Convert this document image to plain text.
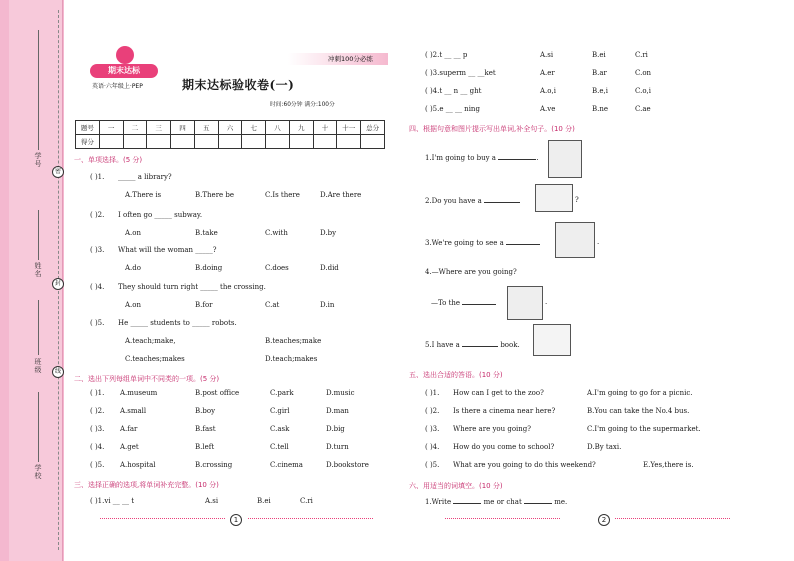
学号
姓名
班级
学校
密
封
线
期末达标
英语·六年级上·PEP
冲刺100分必练
期末达标验收卷(一)
时间:60分钟 满分:100分
题号	一	二	三	四	五	六	七	八	九	十	十一	总分
得分												
一、单项选择。(5 分)
( )1. _____ a library?
A.There is	B.There be	C.Is there	D.Are there
( )2. I often go _____ subway.
A.on	B.take	C.with	D.by
( )3. What will the woman _____?
A.do	B.doing	C.does	D.did
( )4. They should turn right _____ the crossing.
A.on	B.for	C.at	D.in
( )5. He _____ students to _____ robots.
A.teach;make,	B.teaches;make
C.teaches;makes	D.teach;makes
二、选出下列每组单词中不同类的一项。(5 分)
( )1. A.museum	B.post office	C.park	D.music
( )2. A.small	B.boy	C.girl	D.man
( )3. A.far	B.fast	C.ask	D.big
( )4. A.get	B.left	C.tell	D.turn
( )5. A.hospital	B.crossing	C.cinema	D.bookstore
三、选择正确的选项,将单词补充完整。(10 分)
( )1.vi __ __ t	A.si	B.ei	C.ri
1
( )2.t __ __ p	A.si	B.ei	C.ri
( )3.superm __ __ket	A.er	B.ar	C.on
( )4.t __ n __ ght	A.o,i	B.e,i	C.o,i
( )5.e __ __ ning	A.ve	B.ne	C.ae
四、根据句意和图片提示写出单词,补全句子。(10 分)
1.I'm going to buy a	.
2.Do you have a	?
3.We're going to see a	.
4.—Where are you going?
—To the	.
5.I have a	book.
五、选出合适的答语。(10 分)
( )1. How can I get to the zoo?	A.I'm going to go for a picnic.
( )2. Is there a cinema near here?	B.You can take the No.4 bus.
( )3. Where are you going?	C.I'm going to the supermarket.
( )4. How do you come to school?	D.By taxi.
( )5. What are you going to do this weekend?	E.Yes,there is.
六、用适当的词填空。(10 分)
1.Write	me or chat	me.
2
